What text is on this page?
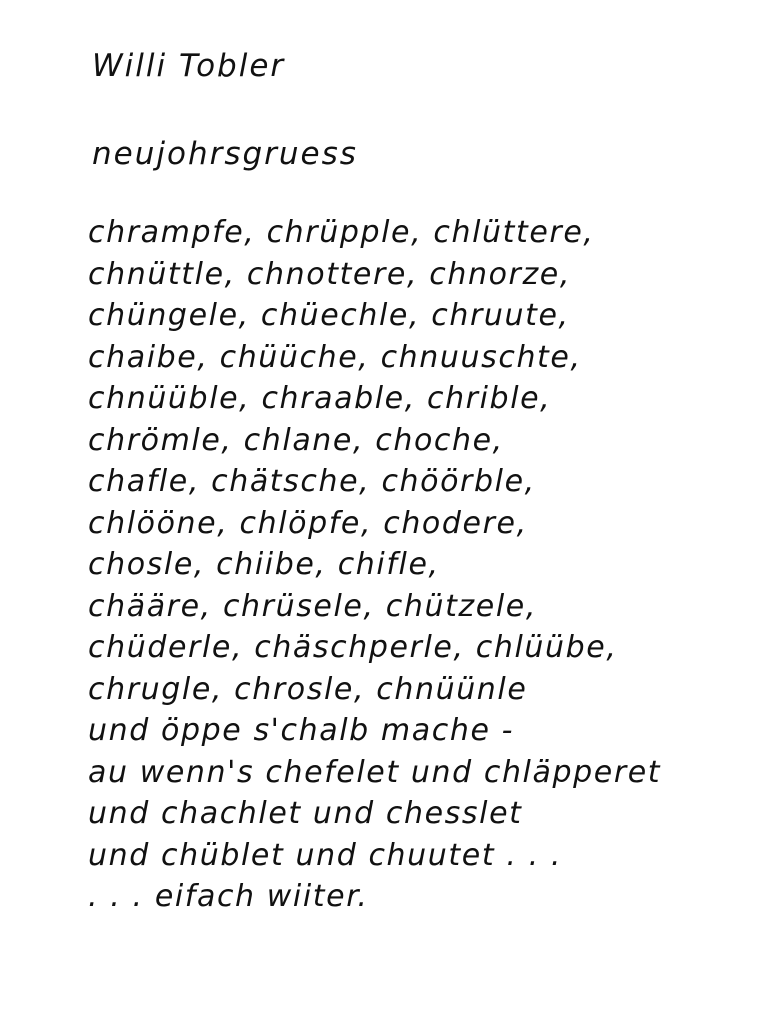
Willi Tobler
neujohrsgruess
chrampfe, chrüpple, chlüttere,
chnüttle, chnottere, chnorze,
chüngele, chüechle, chruute,
chaibe, chüüche, chnuuschte,
chnüüble, chraable, chrible,
chrömle, chlane, choche,
chafle, chätsche, chöörble,
chlööne, chlöpfe, chodere,
chosle, chiibe, chifle,
chääre, chrüsele, chützele,
chüderle, chäschperle, chlüübe,
chrugle, chrosle, chnüünle
und öppe s'chalb mache -
au wenn's chefelet und chläpperet
und chachlet und chesslet
und chüblet und chuutet . . .
. . . eifach wiiter.
